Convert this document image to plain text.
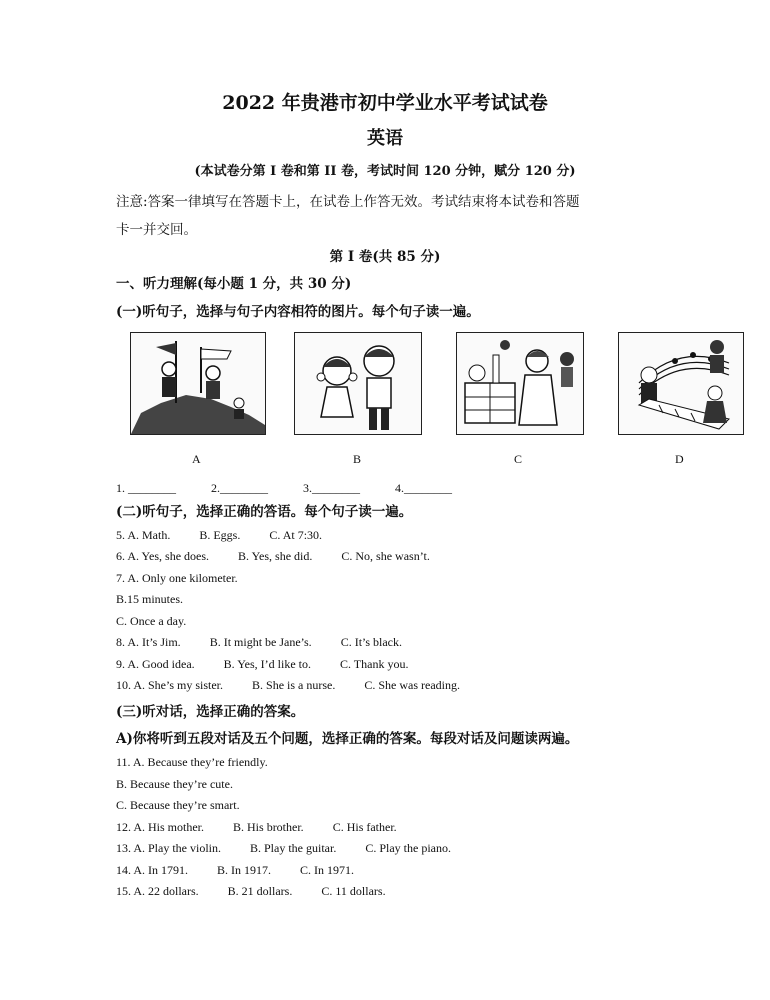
2022 年贵港市初中学业水平考试试卷
英语
(本试卷分第 I 卷和第 II 卷，考试时间 120 分钟，赋分 120 分)
注意:答案一律填写在答题卡上，在试卷上作答无效。考试结束将本试卷和答题
卡一并交回。
第 I 卷(共 85 分)
一、听力理解(每小题 1 分，共 30 分)
(一)听句子，选择与句子内容相符的图片。每个句子读一遍。
A	B	C	D
1. ________	2.________	3.________	4.________
(二)听句子，选择正确的答语。每个句子读一遍。
5. A. Math. B. Eggs. C. At 7:30.
6. A. Yes, she does. B. Yes, she did. C. No, she wasn’t.
7. A. Only one kilometer.
B.15 minutes.
C. Once a day.
8. A. It’s Jim. B. It might be Jane’s. C. It’s black.
9. A. Good idea. B. Yes, I’d like to. C. Thank you.
10. A. She’s my sister. B. She is a nurse. C. She was reading.
(三)听对话，选择正确的答案。
A)你将听到五段对话及五个问题，选择正确的答案。每段对话及问题读两遍。
11. A. Because they’re friendly.
B. Because they’re cute.
C. Because they’re smart.
12. A. His mother. B. His brother. C. His father.
13. A. Play the violin. B. Play the guitar. C. Play the piano.
14. A. In 1791. B. In 1917. C. In 1971.
15. A. 22 dollars. B. 21 dollars. C. 11 dollars.
